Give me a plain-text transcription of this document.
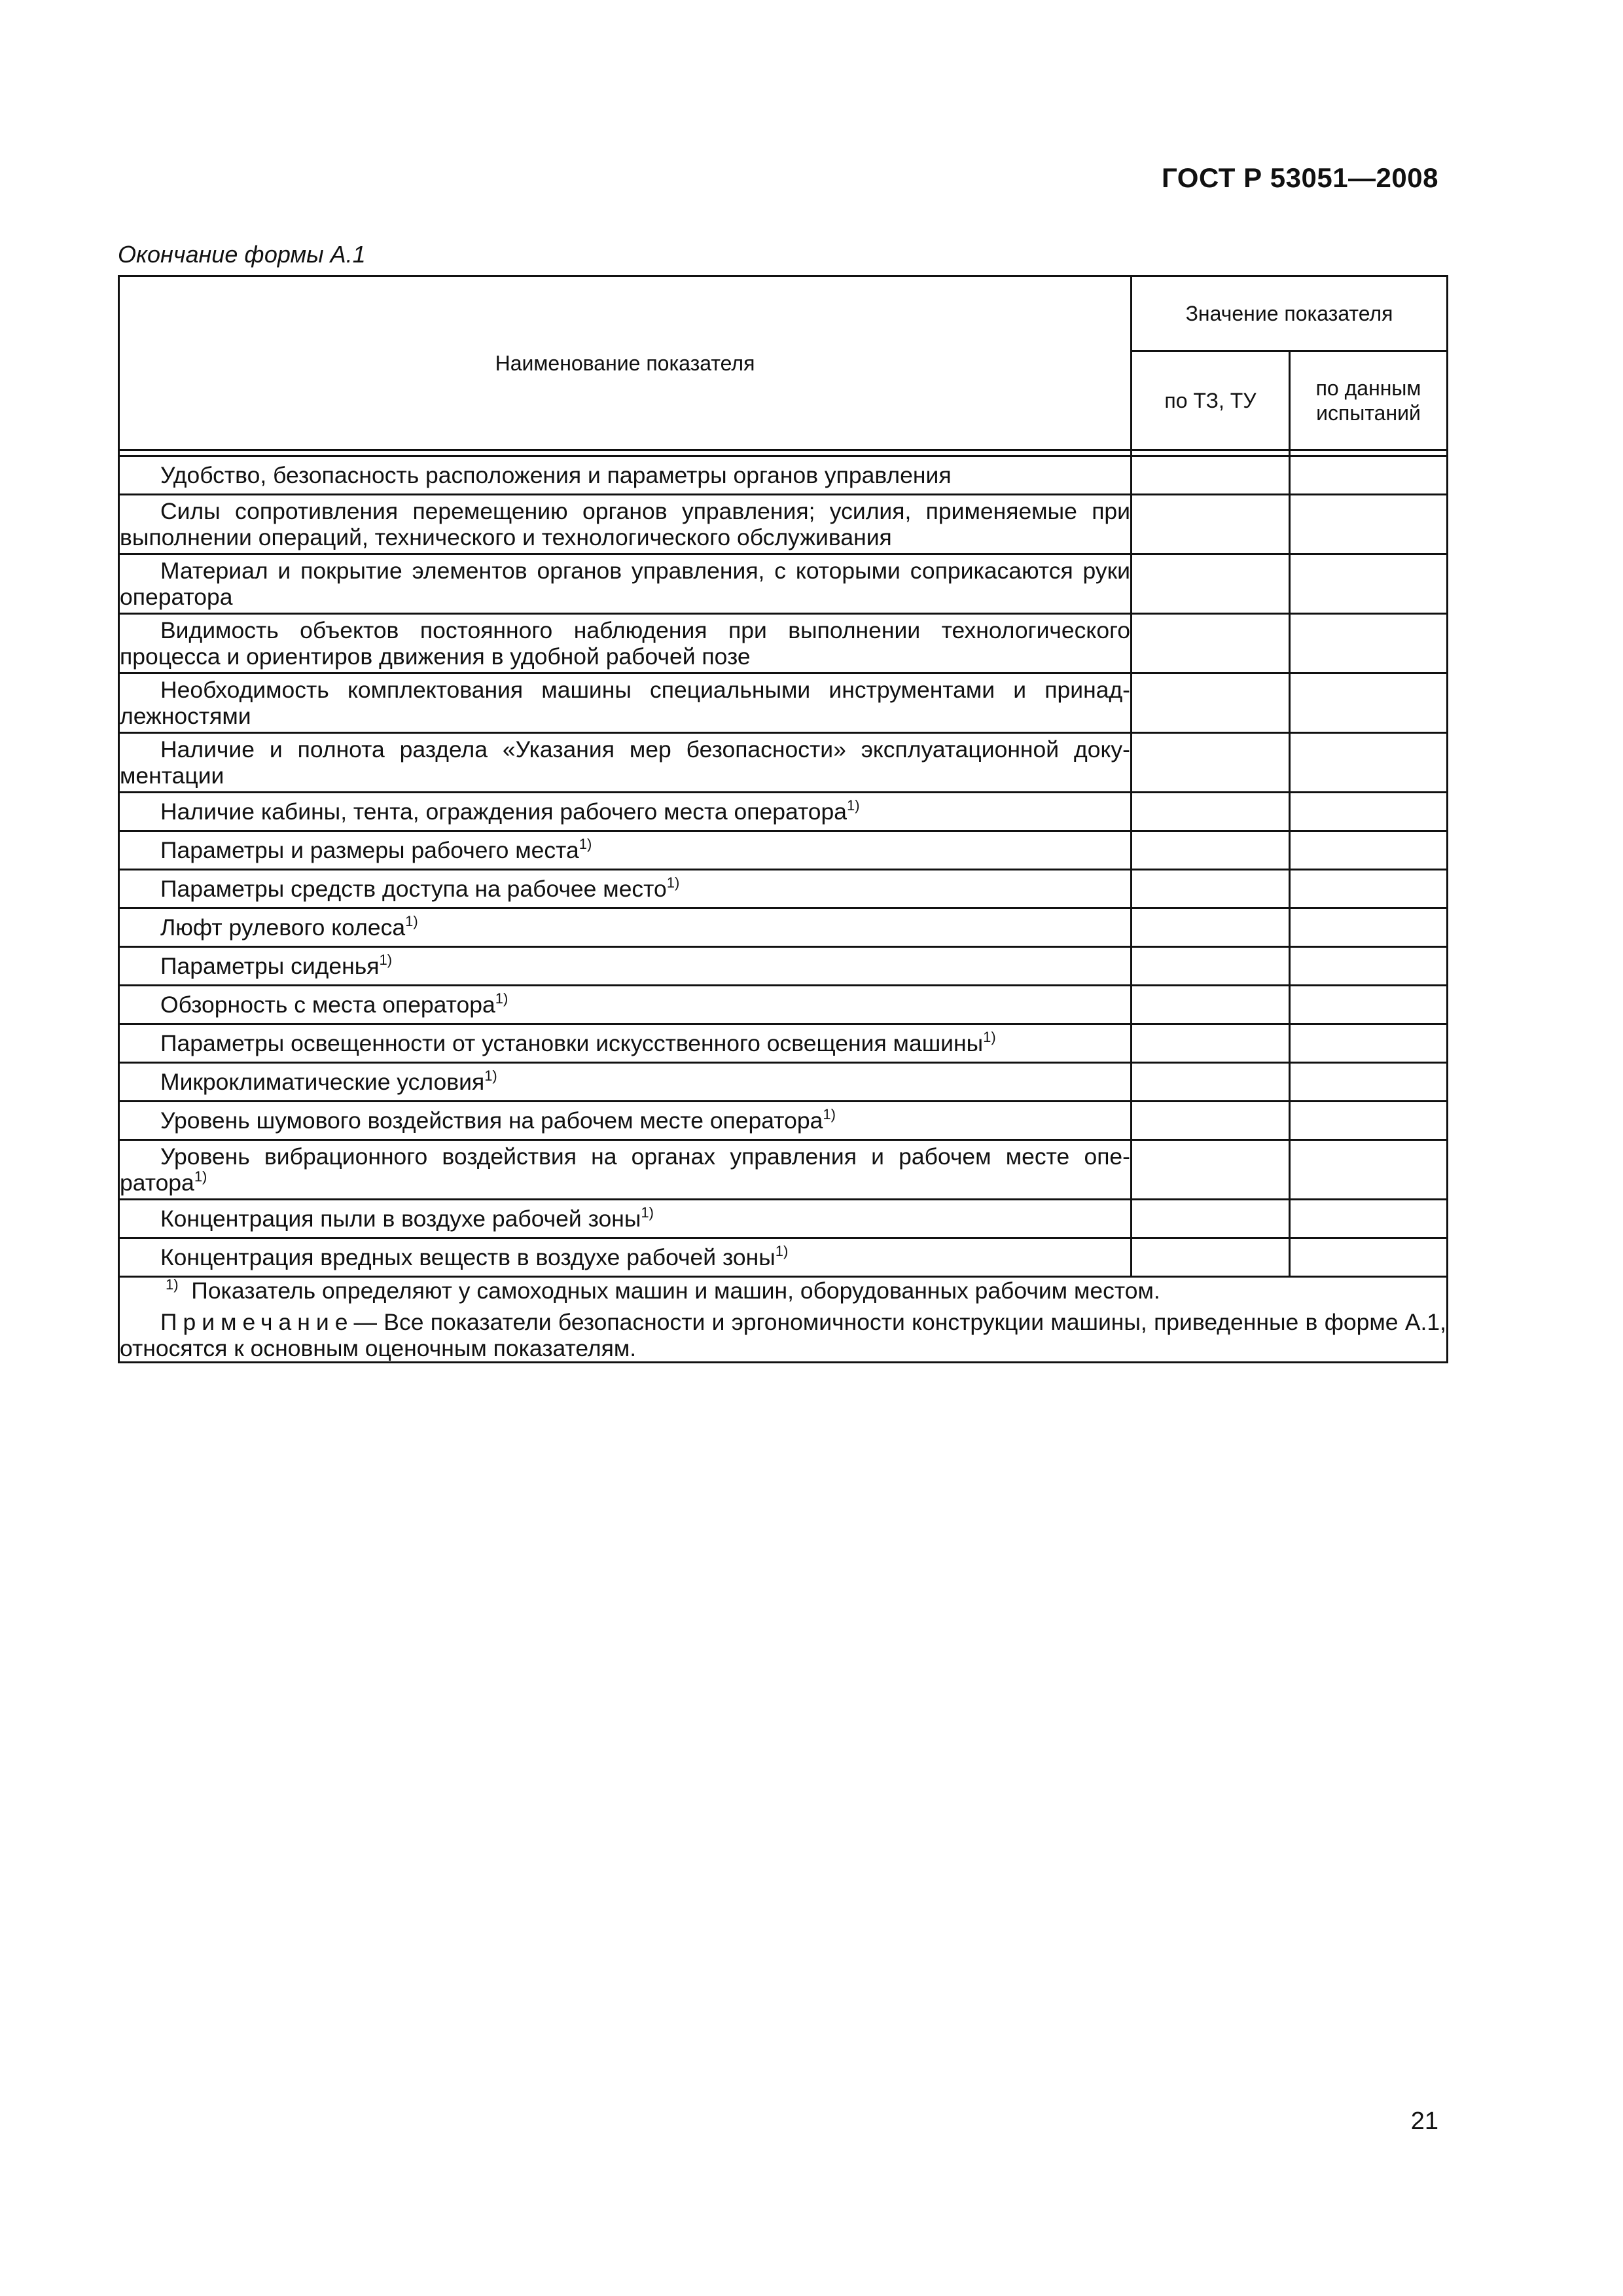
ГОСТ Р 53051—2008
Окончание формы А.1
Наименование показателя	Значение показателя	
	по ТЗ, ТУ	по данным
испытаний

Удобство, безопасность расположения и параметры органов управления		
Силы сопротивления перемещению органов управления; усилия, применяемые при выполнении операций, технического и технологического обслуживания		
Материал и покрытие элементов органов управления, с которыми соприкасаются руки оператора		
Видимость объектов постоянного наблюдения при выполнении технологического процесса и ориентиров движения в удобной рабочей позе		
Необходимость комплектования машины специальными инструментами и принадлежностями		
Наличие и полнота раздела «Указания мер безопасности» эксплуатационной документации		
Наличие кабины, тента, ограждения рабочего места оператора$^{1)}$		
Параметры и размеры рабочего места$^{1)}$		
Параметры средств доступа на рабочее место$^{1)}$		
Люфт рулевого колеса$^{1)}$		
Параметры сиденья$^{1)}$		
Обзорность с места оператора$^{1)}$		
Параметры освещенности от установки искусственного освещения машины$^{1)}$		
Микроклиматические условия$^{1)}$		
Уровень шумового воздействия на рабочем месте оператора$^{1)}$		
Уровень вибрационного воздействия на органах управления и рабочем месте оператора$^{1)}$		
Концентрация пыли в воздухе рабочей зоны$^{1)}$		
Концентрация вредных веществ в воздухе рабочей зоны$^{1)}$		

$^{1)}$ Показатель определяют у самоходных машин и машин, оборудованных рабочим местом.
Примечание— Все показатели безопасности и эргономичности конструкции машины, приведенные в форме А.1, относятся к основным оценочным показателям.		
21
